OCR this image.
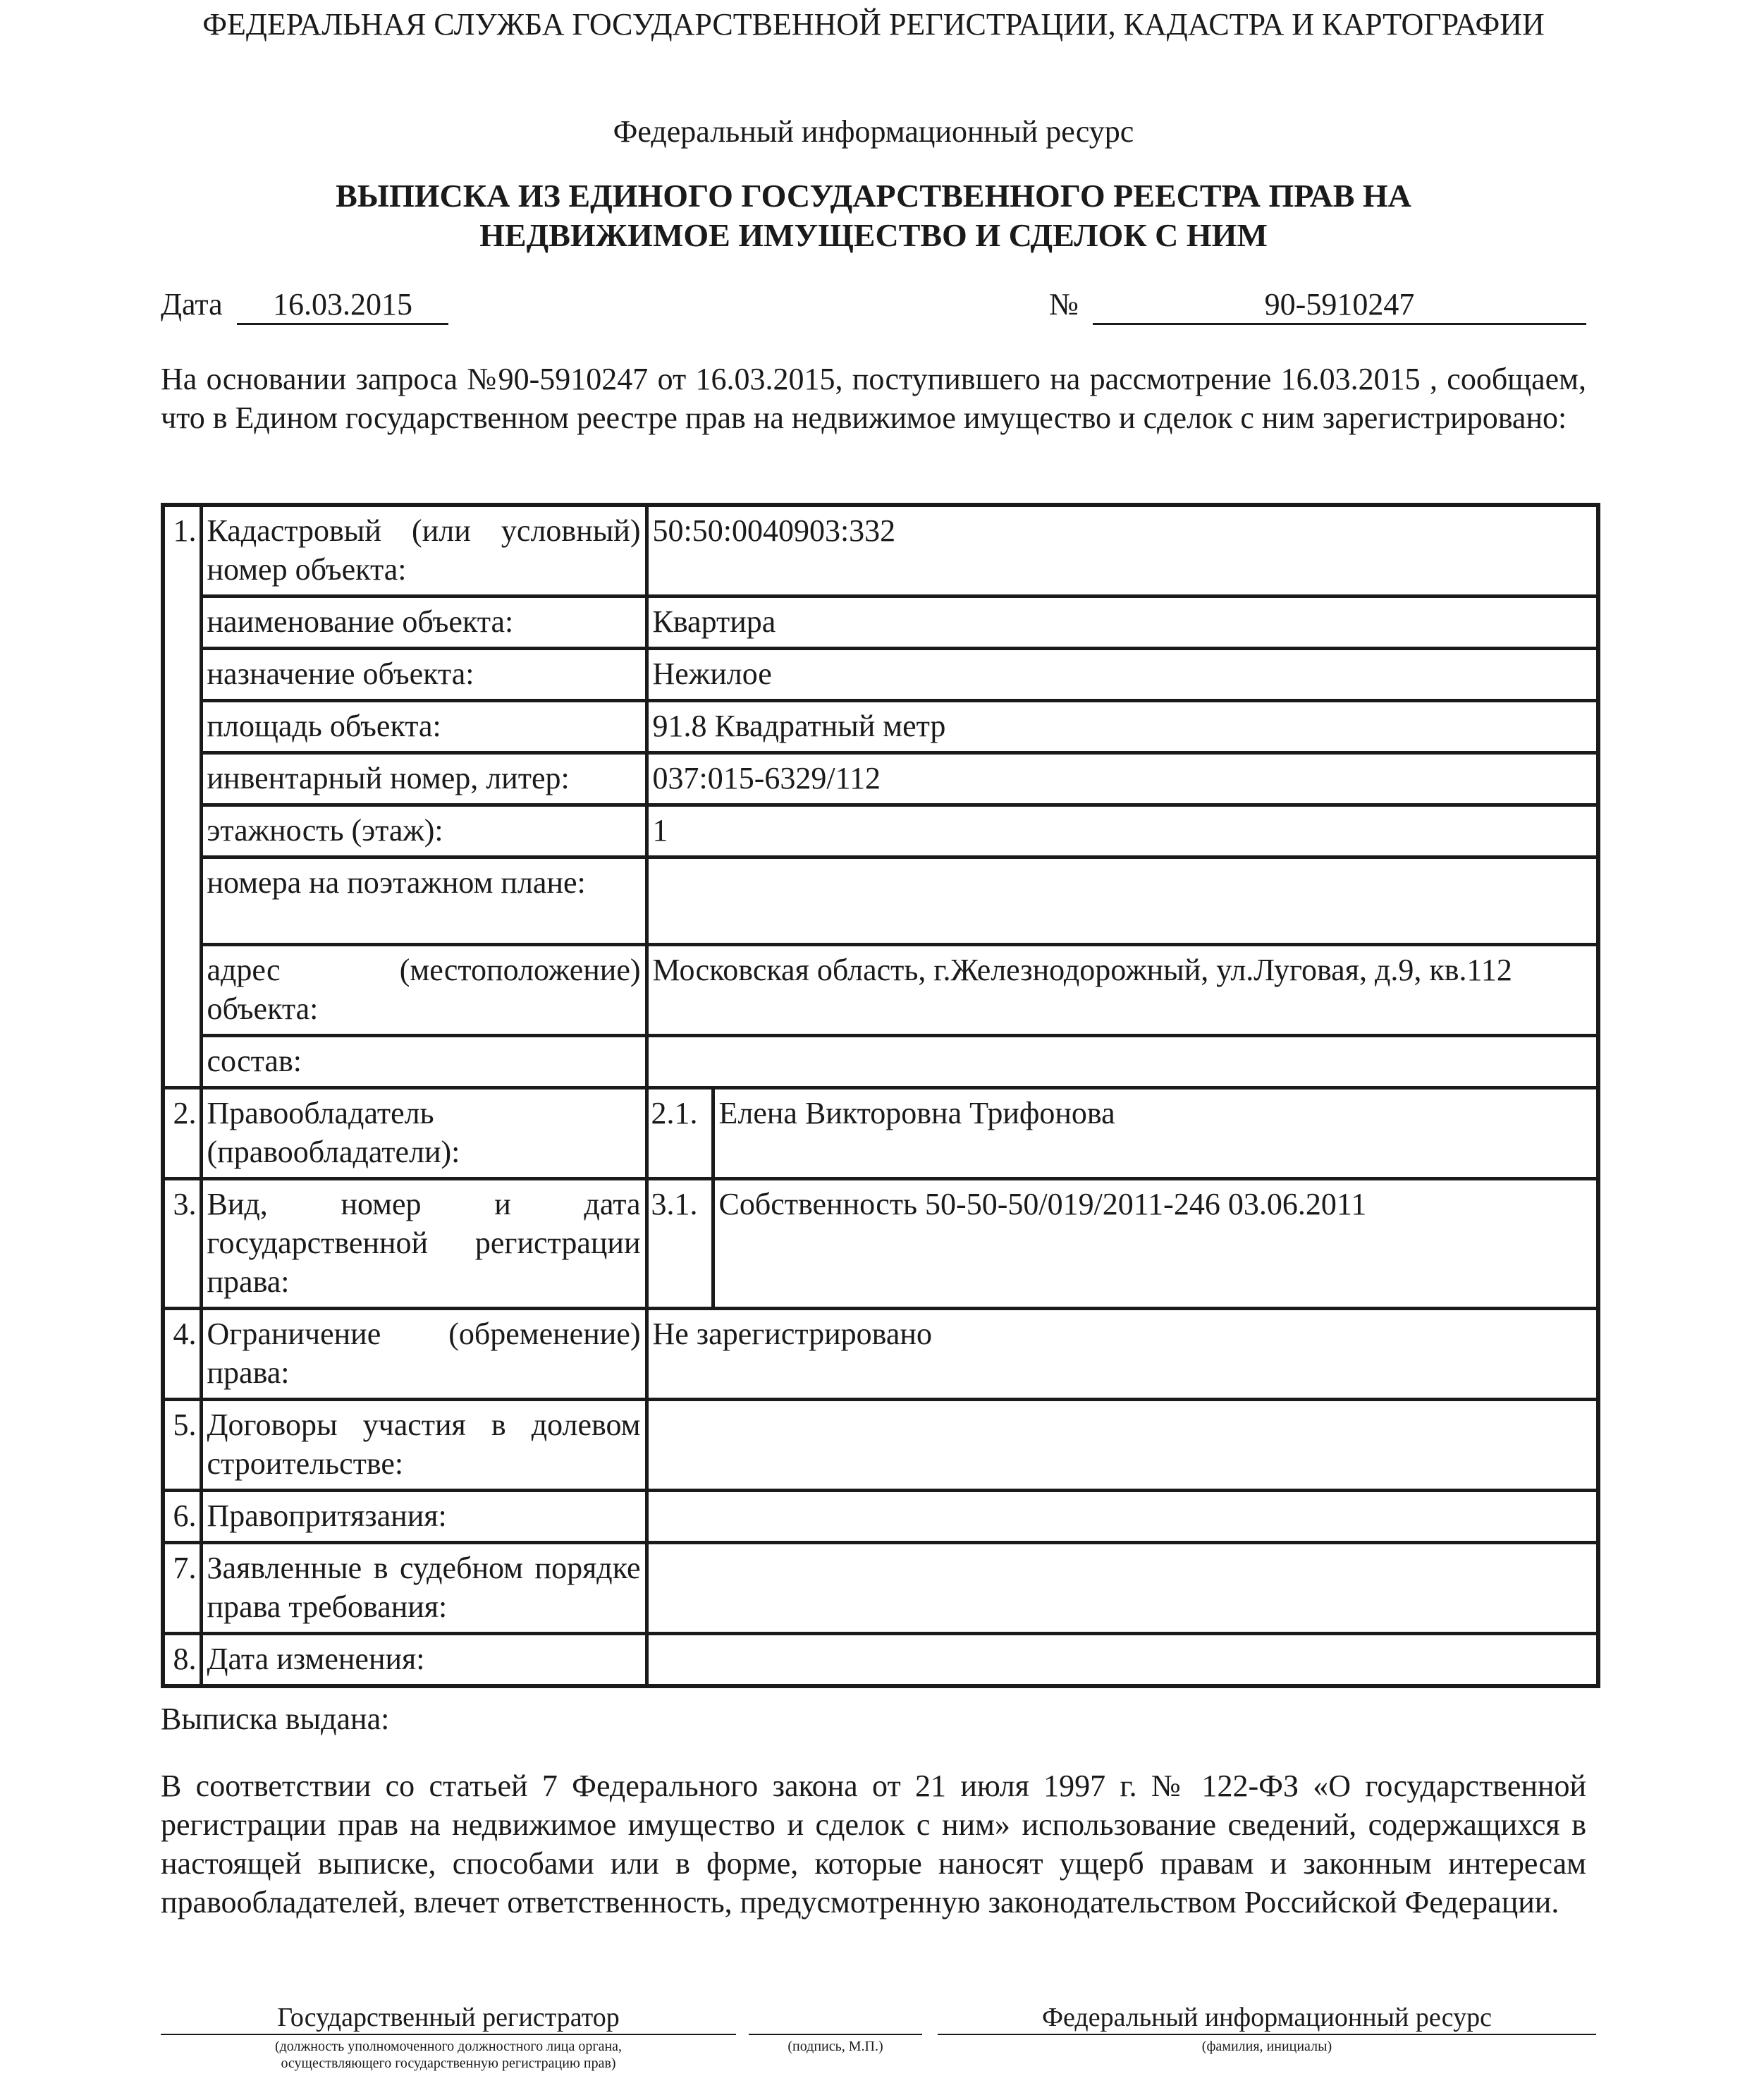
ФЕДЕРАЛЬНАЯ СЛУЖБА ГОСУДАРСТВЕННОЙ РЕГИСТРАЦИИ, КАДАСТРА И КАРТОГРАФИИ
Федеральный информационный ресурс
ВЫПИСКА ИЗ ЕДИНОГО ГОСУДАРСТВЕННОГО РЕЕСТРА ПРАВ НА
НЕДВИЖИМОЕ ИМУЩЕСТВО И СДЕЛОК С НИМ
Дата	16.03.2015	№	90-5910247
На основании запроса №90-5910247 от 16.03.2015, поступившего на рассмотрение 16.03.2015 , сообщаем, что в Едином государственном реестре прав на недвижимое имущество и сделок с ним зарегистрировано:
1.	Кадастровый (или условный) номер объекта:	50:50:0040903:332	
	наименование объекта:	Квартира	
	назначение объекта:	Нежилое	
	площадь объекта:	91.8 Квадратный метр	
	инвентарный номер, литер:	037:015-6329/112	
	этажность (этаж):	1	
	номера на поэтажном плане:		
	адрес (местоположение) объекта:	Московская область, г.Железнодорожный, ул.Луговая, д.9, кв.112	
	состав:		
2.	Правообладатель (правообладатели):	2.1.	Елена Викторовна Трифонова
3.	Вид, номер и дата государственной регистрации права:	3.1.	Собственность 50-50-50/019/2011-246 03.06.2011
4.	Ограничение (обременение) права:	Не зарегистрировано	
5.	Договоры участия в долевом строительстве:		
6.	Правопритязания:		
7.	Заявленные в судебном порядке права требования:		
8.	Дата изменения:		
Выписка выдана:
В соответствии со статьей 7 Федерального закона от 21 июля 1997 г. № 122-ФЗ «О государственной регистрации прав на недвижимое имущество и сделок с ним» использование сведений, содержащихся в настоящей выписке, способами или в форме, которые наносят ущерб правам и законным интересам правообладателей, влечет ответственность, предусмотренную законодательством Российской Федерации.
Государственный регистратор
(должность уполномоченного должностного лица органа,
осуществляющего государственную регистрацию прав)
(подпись, М.П.)
Федеральный информационный ресурс
(фамилия, инициалы)
